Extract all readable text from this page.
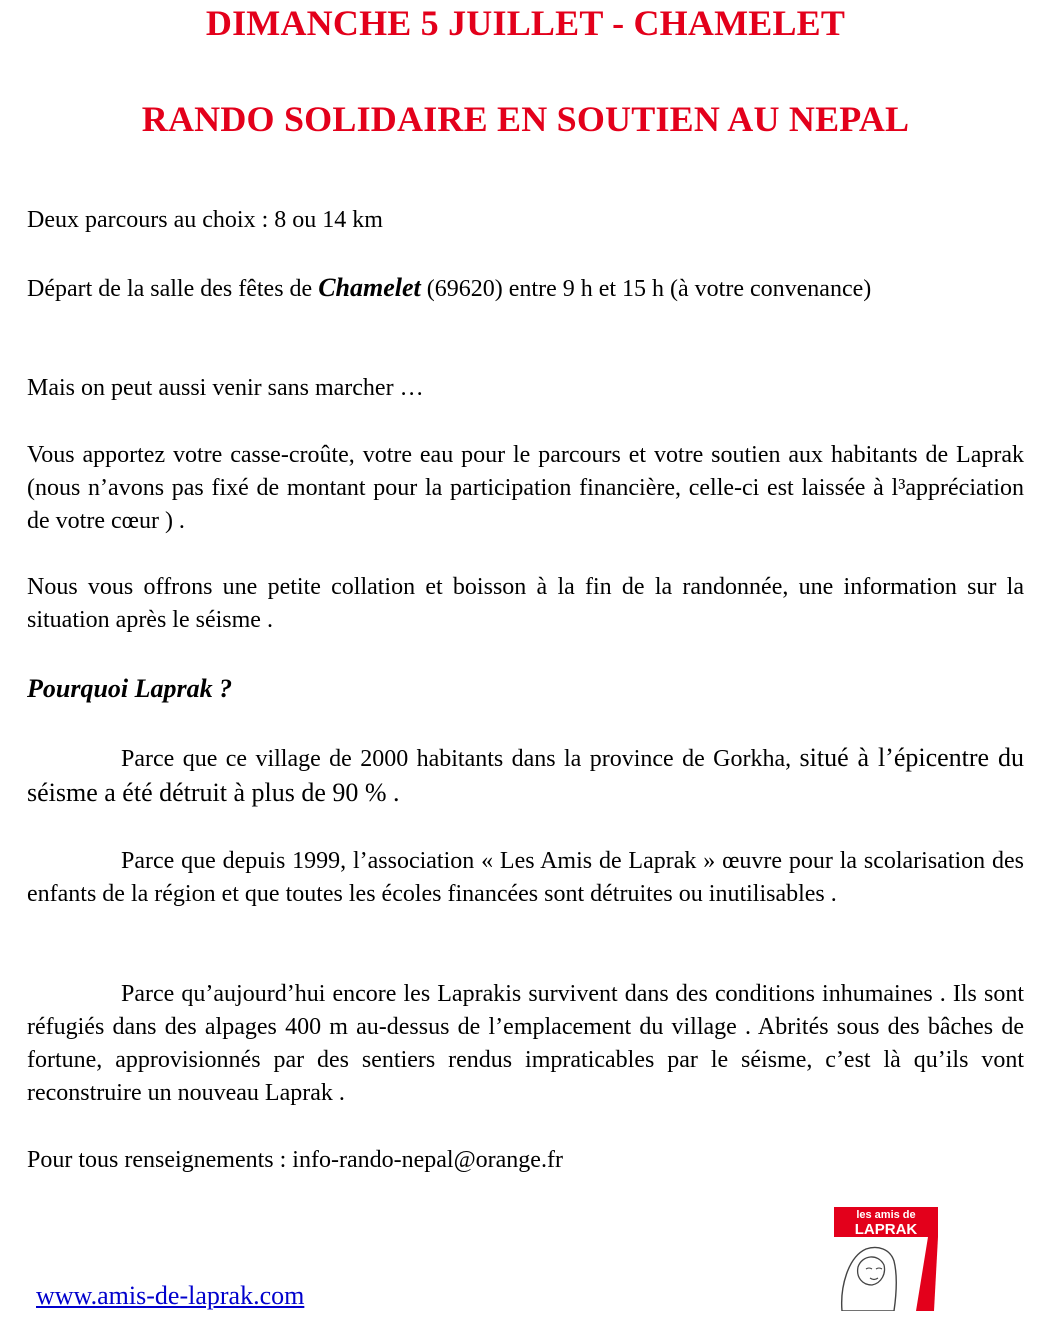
DIMANCHE 5 JUILLET - CHAMELET
RANDO SOLIDAIRE EN SOUTIEN AU NEPAL

Deux parcours au choix : 8 ou 14 km

Départ de la salle des fêtes de Chamelet (69620) entre 9 h et 15 h (à votre convenance)

Mais on peut aussi venir sans marcher …

Vous apportez votre casse-croûte, votre eau pour le parcours et votre soutien aux habitants de Laprak (nous n’avons pas fixé de montant pour la participation financière, celle-ci est laissée à l³appréciation de votre cœur ) .

Nous vous offrons une petite collation et boisson à la fin de la randonnée, une information sur la situation après le séisme .

Pourquoi Laprak ?

Parce que ce village de 2000 habitants dans la province de Gorkha, situé à l’épicentre du séisme a été détruit à plus de 90 % .

Parce que depuis 1999, l’association « Les Amis de Laprak » œuvre pour la scolarisation des enfants de la région et que toutes les écoles financées sont détruites ou inutilisables .

Parce qu’aujourd’hui encore les Laprakis survivent dans des conditions inhumaines . Ils sont réfugiés dans des alpages 400 m au-dessus de l’emplacement du village . Abrités sous des bâches de fortune, approvisionnés par des sentiers rendus impraticables par le séisme, c’est là qu’ils vont reconstruire un nouveau Laprak .

Pour tous renseignements : info-rando-nepal@orange.fr

www.amis-de-laprak.com
les amis de
LAPRAK
